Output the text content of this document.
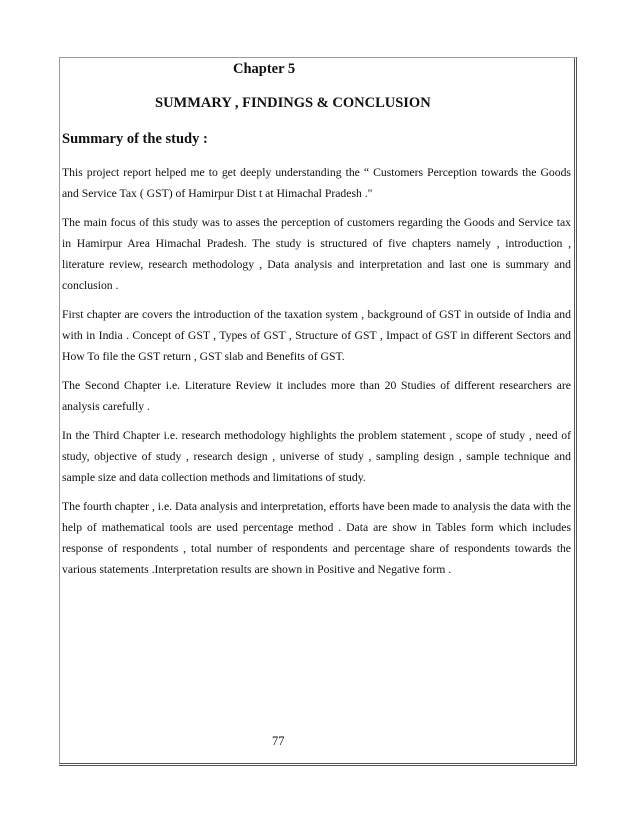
Chapter 5
SUMMARY , FINDINGS & CONCLUSION
Summary of the study :

This project report helped me to get deeply understanding the “ Customers Perception towards the Goods and Service Tax ( GST) of Hamirpur Dist t at Himachal Pradesh ."

The main focus of this study was to asses the perception of customers regarding the Goods and Service tax in Hamirpur Area Himachal Pradesh. The study is structured of five chapters namely , introduction , literature review, research methodology , Data analysis and interpretation and last one is summary and conclusion .

First chapter are covers the introduction of the taxation system , background of GST in outside of India and with in India . Concept of GST , Types of GST , Structure of GST , Impact of GST in different Sectors and How To file the GST return , GST slab and Benefits of GST.

The Second Chapter i.e. Literature Review it includes more than 20 Studies of different researchers are analysis carefully .

In the Third Chapter i.e. research methodology highlights the problem statement , scope of study , need of study, objective of study , research design , universe of study , sampling design , sample technique and sample size and data collection methods and limitations of study.

The fourth chapter , i.e. Data analysis and interpretation, efforts have been made to analysis the data with the help of mathematical tools are used percentage method . Data are show in Tables form which includes response of respondents , total number of respondents and percentage share of respondents towards the various statements .Interpretation results are shown in Positive and Negative form .

77
